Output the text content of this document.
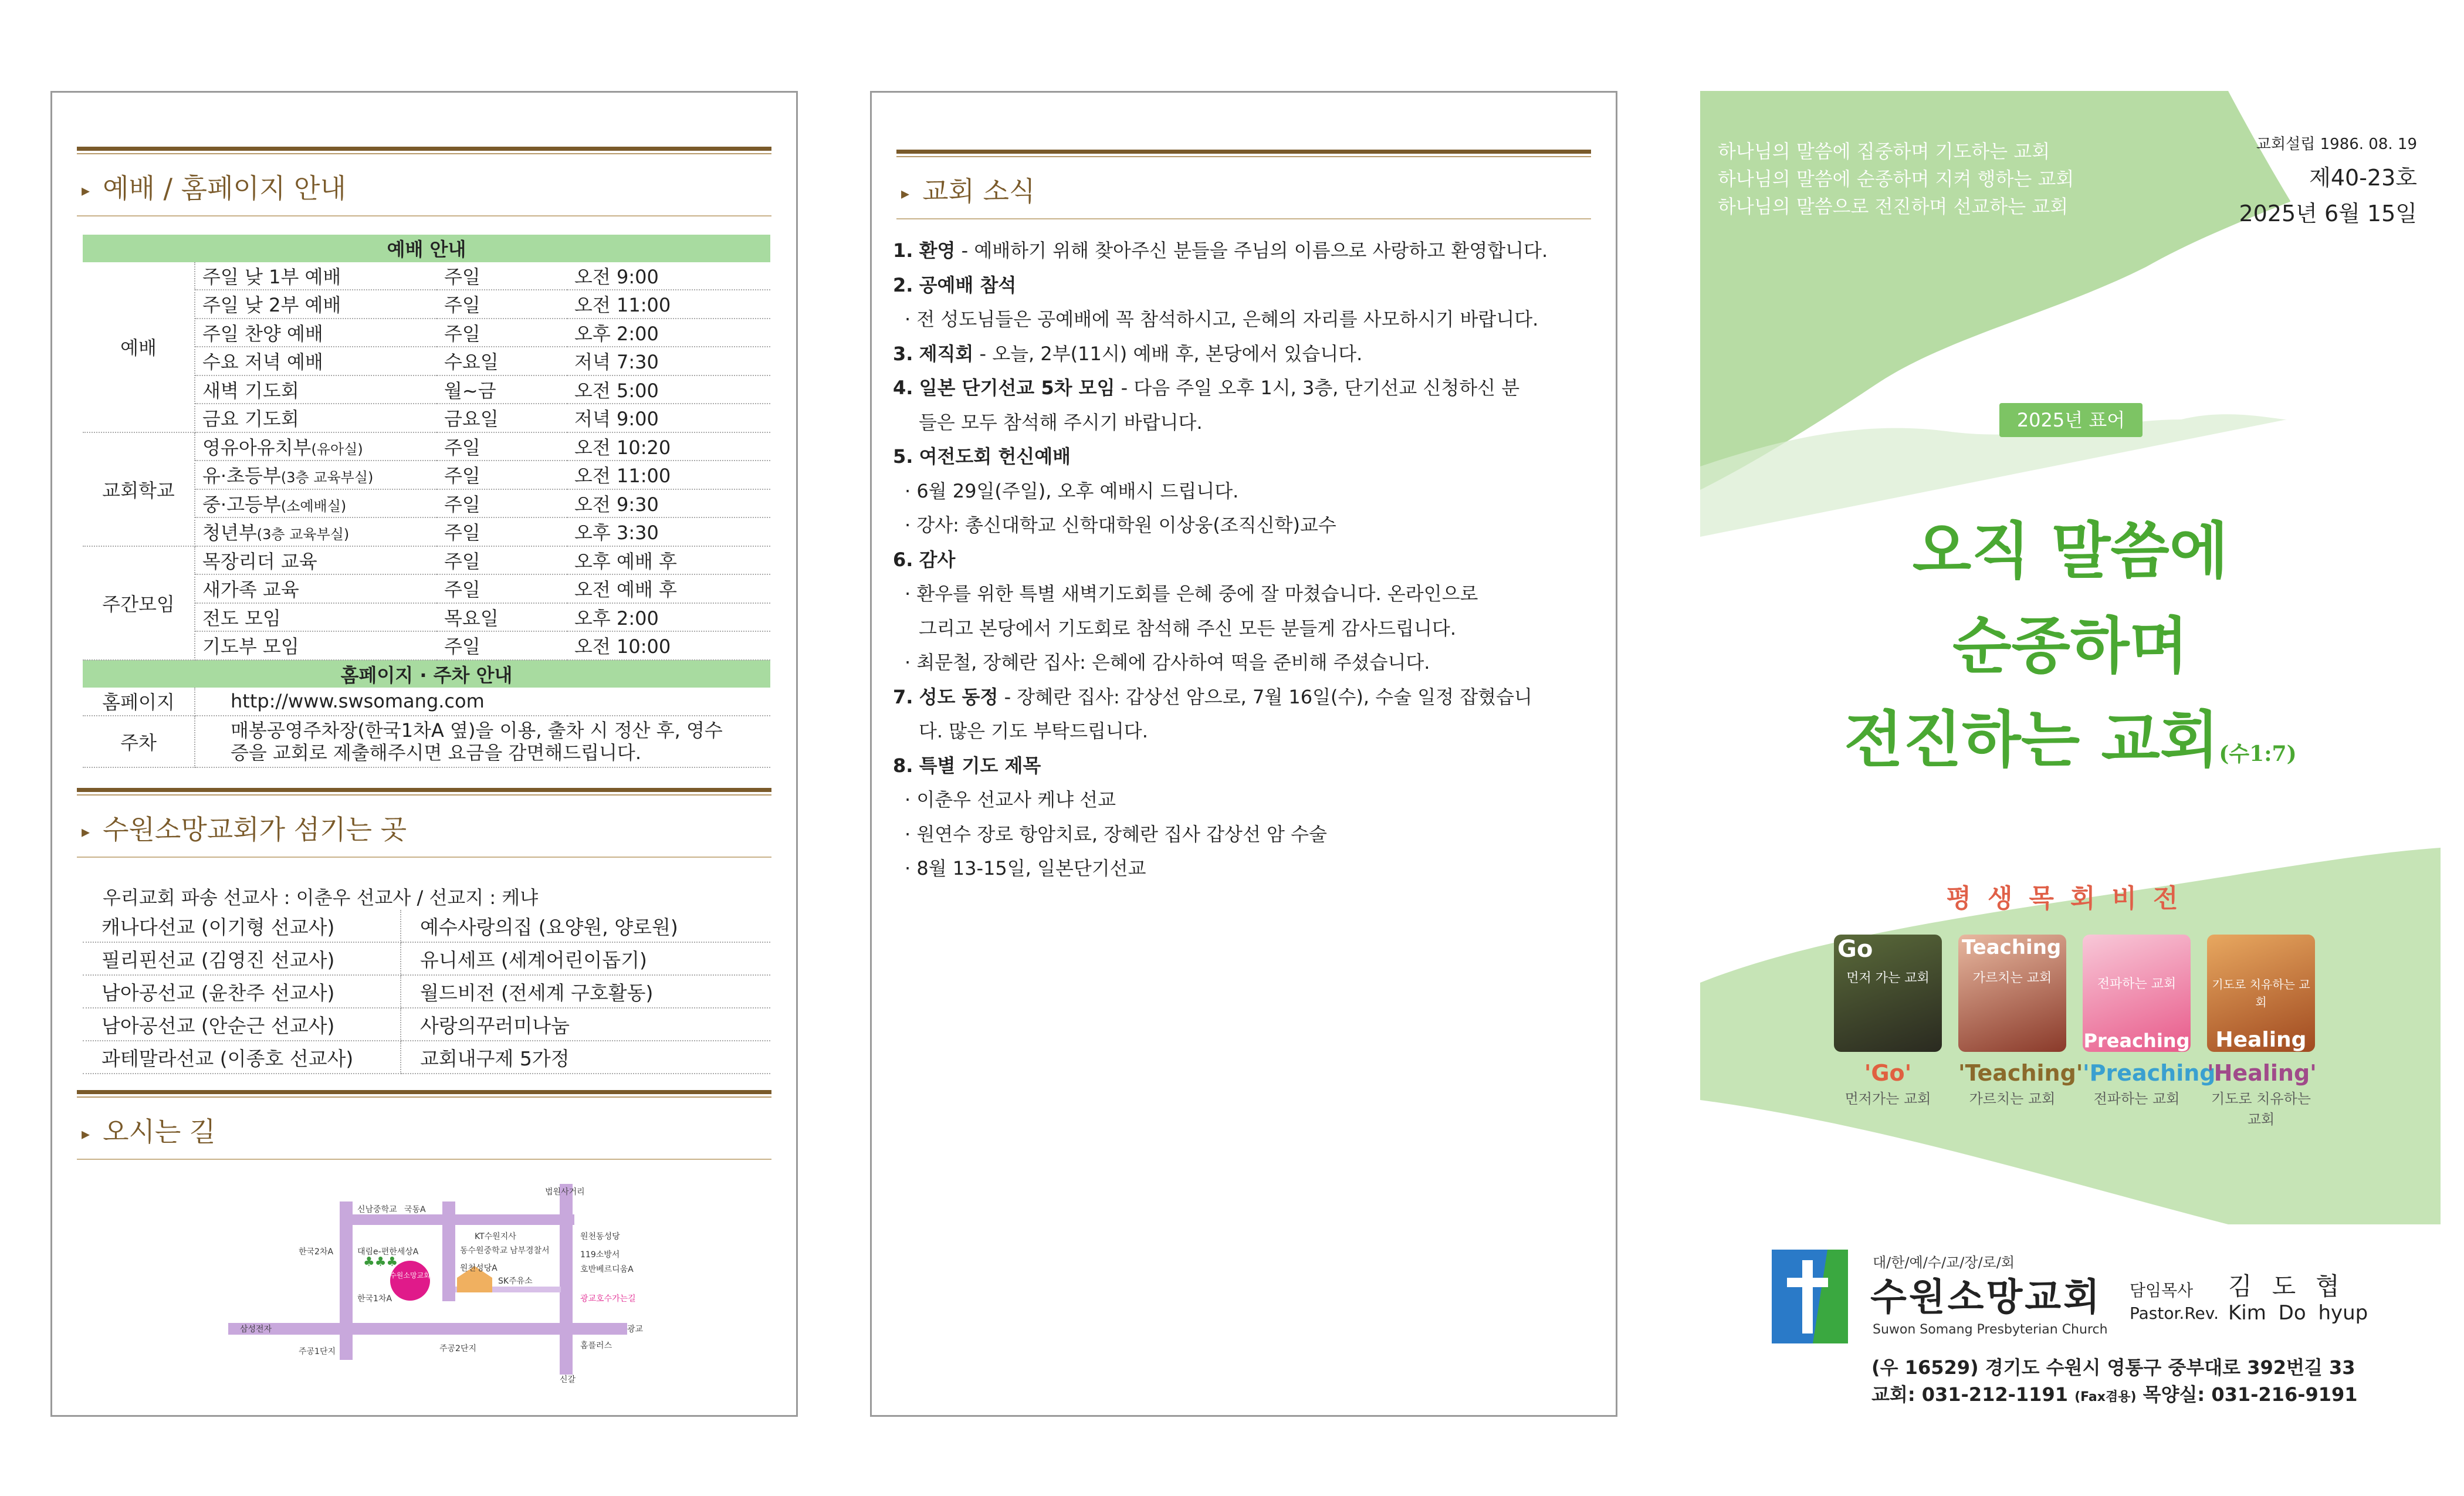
▸ 예배 / 홈페이지 안내
예배 안내			
예배	주일 낮 1부 예배	주일	오전 9:00
	주일 낮 2부 예배	주일	오전 11:00
	주일 찬양 예배	주일	오후 2:00
	수요 저녁 예배	수요일	저녁 7:30
	새벽 기도회	월~금	오전 5:00
	금요 기도회	금요일	저녁 9:00
교회학교	영유아유치부(유아실)	주일	오전 10:20
	유·초등부(3층 교육부실)	주일	오전 11:00
	중·고등부(소예배실)	주일	오전 9:30
	청년부(3층 교육부실)	주일	오후 3:30
주간모임	목장리더 교육	주일	오후 예배 후
	새가족 교육	주일	오전 예배 후
	전도 모임	목요일	오후 2:00
	기도부 모임	주일	오전 10:00
홈페이지 · 주차 안내			
홈페이지	http://www.swsomang.com		
주차	매봉공영주차장(한국1차A 옆)을 이용, 출차 시 정산 후, 영수증을 교회로 제출해주시면 요금을 감면해드립니다.		
▸ 수원소망교회가 섬기는 곳
우리교회 파송 선교사 : 이춘우 선교사 / 선교지 : 케냐
캐나다선교 (이기형 선교사)	예수사랑의집 (요양원, 양로원)
필리핀선교 (김영진 선교사)	유니세프 (세계어린이돕기)
남아공선교 (윤찬주 선교사)	월드비전 (전세계 구호활동)
남아공선교 (안순근 선교사)	사랑의꾸러미나눔
과테말라선교 (이종호 선교사)	교회내구제 5가정
▸ 오시는 길
수원소망교회
♣♣♣
법원사거리
신남중학교 국동A
KT수원지사	원천동성당
한국2차A	대림e-편한세상A	동수원중학교 남부경찰서	119소방서
호반베르디움A
원천성당A
SK주유소
한국1차A	광교호수가는길
삼성전자	광교
주공1단지	주공2단지	홈플러스
신갈
▸ 교회 소식
1. 환영 - 예배하기 위해 찾아주신 분들을 주님의 이름으로 사랑하고 환영합니다.
2. 공예배 참석
· 전 성도님들은 공예배에 꼭 참석하시고, 은혜의 자리를 사모하시기 바랍니다.
3. 제직회 - 오늘, 2부(11시) 예배 후, 본당에서 있습니다.
4. 일본 단기선교 5차 모임 - 다음 주일 오후 1시, 3층, 단기선교 신청하신 분
들은 모두 참석해 주시기 바랍니다.
5. 여전도회 헌신예배
· 6월 29일(주일), 오후 예배시 드립니다.
· 강사: 총신대학교 신학대학원 이상웅(조직신학)교수
6. 감사
· 환우를 위한 특별 새벽기도회를 은혜 중에 잘 마쳤습니다. 온라인으로
그리고 본당에서 기도회로 참석해 주신 모든 분들게 감사드립니다.
· 최문철, 장혜란 집사: 은혜에 감사하여 떡을 준비해 주셨습니다.
7. 성도 동정 - 장혜란 집사: 갑상선 암으로, 7월 16일(수), 수술 일정 잡혔습니
다. 많은 기도 부탁드립니다.
8. 특별 기도 제목
· 이춘우 선교사 케냐 선교
· 원연수 장로 항암치료, 장혜란 집사 갑상선 암 수술
· 8월 13-15일, 일본단기선교
하나님의 말씀에 집중하며 기도하는 교회
하나님의 말씀에 순종하며 지켜 행하는 교회
하나님의 말씀으로 전진하며 선교하는 교회
교회설립 1986. 08. 19
제40-23호
2025년 6월 15일
2025년 표어
오직 말씀에
순종하며
전진하는 교회(수1:7)
평생목회비전
Go
먼저 가는 교회
'Go'
먼저가는 교회
Teaching
가르치는 교회
'Teaching'
가르치는 교회
전파하는 교회
Preaching
'Preaching'
전파하는 교회
기도로 치유하는 교회
Healing
'Healing'
기도로 치유하는 교회
대/한/예/수/교/장/로/회
수원소망교회
Suwon Somang Presbyterian Church
담임목사
Pastor.Rev.
김도협
Kim Do hyup
(우 16529) 경기도 수원시 영통구 중부대로 392번길 33
교회: 031-212-1191 (Fax겸용) 목양실: 031-216-9191
